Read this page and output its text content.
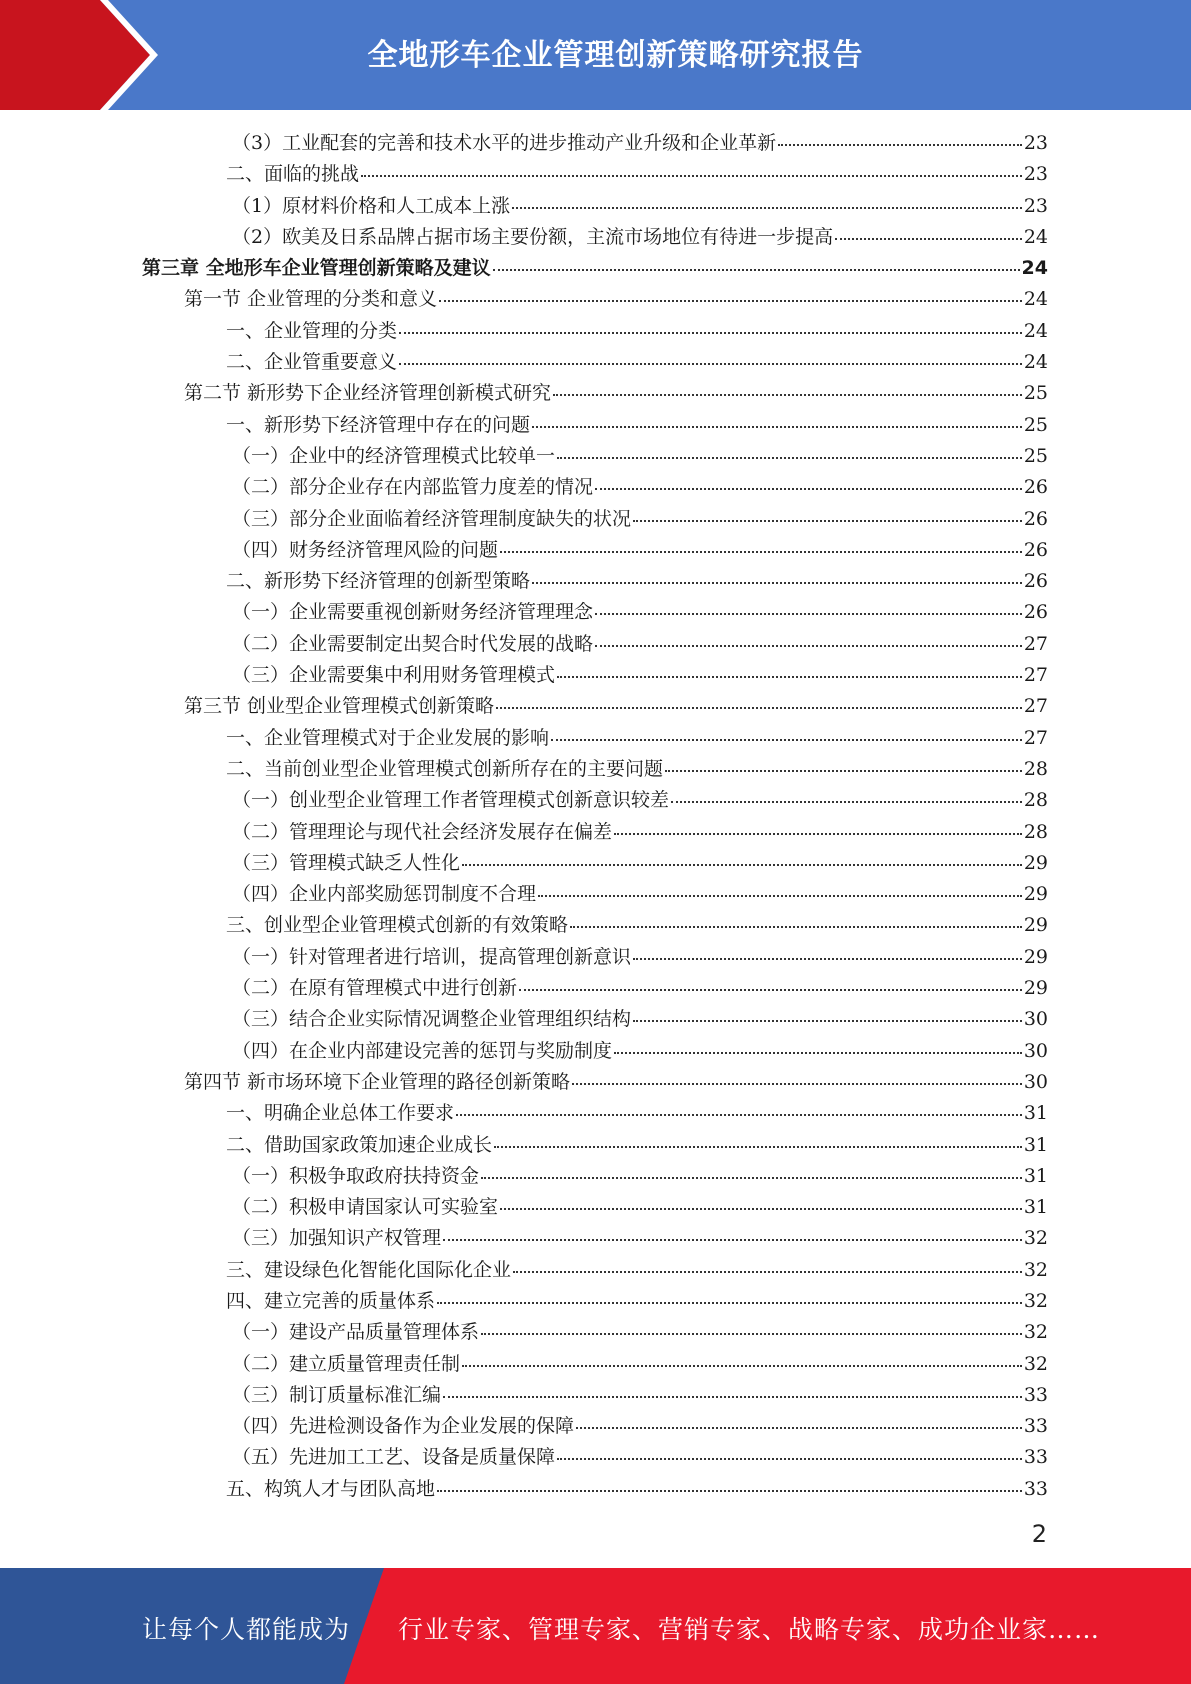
全地形车企业管理创新策略研究报告
（3）工业配套的完善和技术水平的进步推动产业升级和企业革新	23
二、面临的挑战	23
（1）原材料价格和人工成本上涨	23
（2）欧美及日系品牌占据市场主要份额，主流市场地位有待进一步提高	24
第三章 全地形车企业管理创新策略及建议	24
第一节 企业管理的分类和意义	24
一、企业管理的分类	24
二、企业管重要意义	24
第二节 新形势下企业经济管理创新模式研究	25
一、新形势下经济管理中存在的问题	25
（一）企业中的经济管理模式比较单一	25
（二）部分企业存在内部监管力度差的情况	26
（三）部分企业面临着经济管理制度缺失的状况	26
（四）财务经济管理风险的问题	26
二、新形势下经济管理的创新型策略	26
（一）企业需要重视创新财务经济管理理念	26
（二）企业需要制定出契合时代发展的战略	27
（三）企业需要集中利用财务管理模式	27
第三节 创业型企业管理模式创新策略	27
一、企业管理模式对于企业发展的影响	27
二、当前创业型企业管理模式创新所存在的主要问题	28
（一）创业型企业管理工作者管理模式创新意识较差	28
（二）管理理论与现代社会经济发展存在偏差	28
（三）管理模式缺乏人性化	29
（四）企业内部奖励惩罚制度不合理	29
三、创业型企业管理模式创新的有效策略	29
（一）针对管理者进行培训，提高管理创新意识	29
（二）在原有管理模式中进行创新	29
（三）结合企业实际情况调整企业管理组织结构	30
（四）在企业内部建设完善的惩罚与奖励制度	30
第四节 新市场环境下企业管理的路径创新策略	30
一、明确企业总体工作要求	31
二、借助国家政策加速企业成长	31
（一）积极争取政府扶持资金	31
（二）积极申请国家认可实验室	31
（三）加强知识产权管理	32
三、建设绿色化智能化国际化企业	32
四、建立完善的质量体系	32
（一）建设产品质量管理体系	32
（二）建立质量管理责任制	32
（三）制订质量标准汇编	33
（四）先进检测设备作为企业发展的保障	33
（五）先进加工工艺、设备是质量保障	33
五、构筑人才与团队高地	33
2
让每个人都能成为 行业专家、管理专家、营销专家、战略专家、成功企业家……
